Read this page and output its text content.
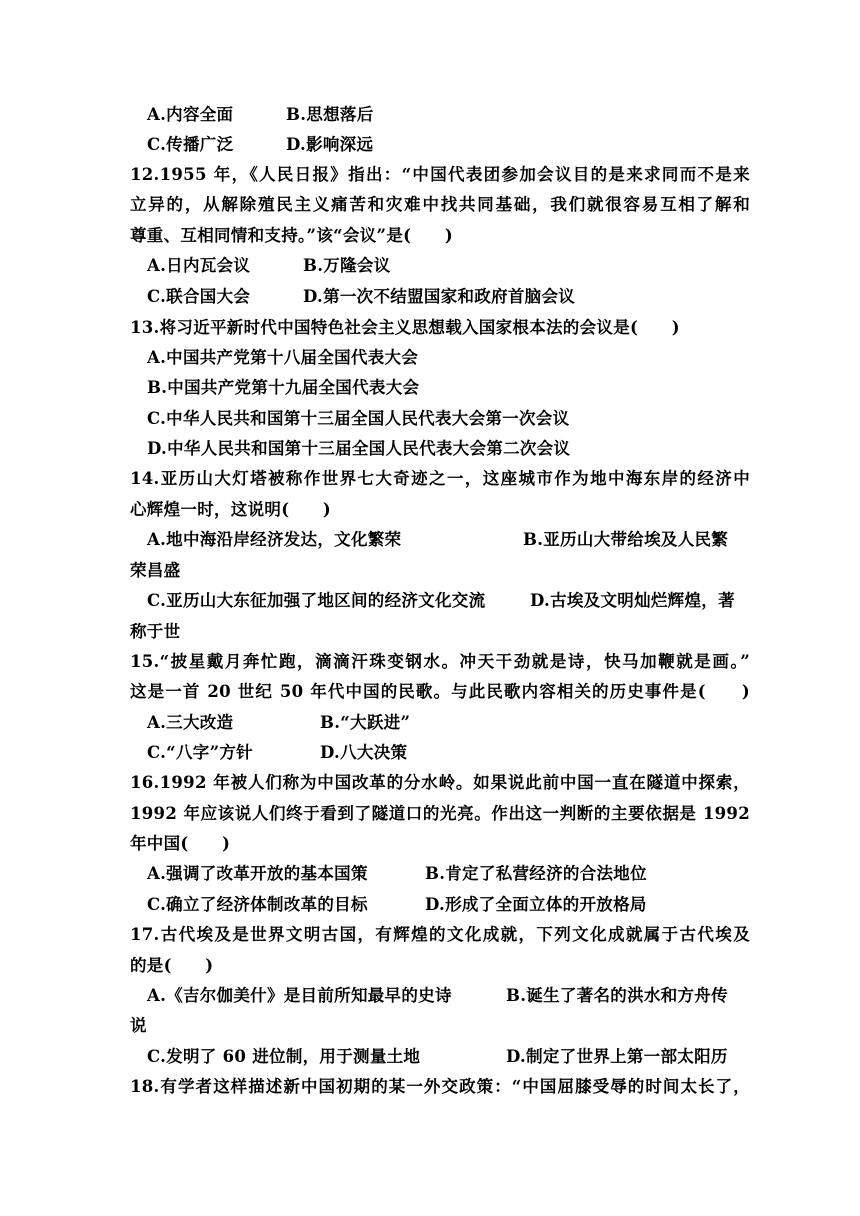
A.内容全面	B.思想落后
C.传播广泛	D.影响深远
12.1955 年，《人民日报》指出：“中国代表团参加会议目的是来求同而不是来
立异的，从解除殖民主义痛苦和灾难中找共同基础，我们就很容易互相了解和
尊重、互相同情和支持。”该“会议”是(　　)
A.日内瓦会议	B.万隆会议
C.联合国大会	D.第一次不结盟国家和政府首脑会议
13.将习近平新时代中国特色社会主义思想载入国家根本法的会议是(　　)
A.中国共产党第十八届全国代表大会
B.中国共产党第十九届全国代表大会
C.中华人民共和国第十三届全国人民代表大会第一次会议
D.中华人民共和国第十三届全国人民代表大会第二次会议
14.亚历山大灯塔被称作世界七大奇迹之一，这座城市作为地中海东岸的经济中
心辉煌一时，这说明(　　)
A.地中海沿岸经济发达，文化繁荣	B.亚历山大带给埃及人民繁
荣昌盛
C.亚历山大东征加强了地区间的经济文化交流	D.古埃及文明灿烂辉煌，著
称于世
15.“披星戴月奔忙跑，滴滴汗珠变钢水。冲天干劲就是诗，快马加鞭就是画。”
这是一首 20 世纪 50 年代中国的民歌。与此民歌内容相关的历史事件是(　　)
A.三大改造	B.“大跃进”
C.“八字”方针	D.八大决策
16.1992 年被人们称为中国改革的分水岭。如果说此前中国一直在隧道中探索，
1992 年应该说人们终于看到了隧道口的光亮。作出这一判断的主要依据是 1992
年中国(　　)
A.强调了改革开放的基本国策	B.肯定了私营经济的合法地位
C.确立了经济体制改革的目标	D.形成了全面立体的开放格局
17.古代埃及是世界文明古国，有辉煌的文化成就，下列文化成就属于古代埃及
的是(　　)
A.《吉尔伽美什》是目前所知最早的史诗	B.诞生了著名的洪水和方舟传
说
C.发明了 60 进位制，用于测量土地	D.制定了世界上第一部太阳历
18.有学者这样描述新中国初期的某一外交政策：“中国屈膝受辱的时间太长了，
